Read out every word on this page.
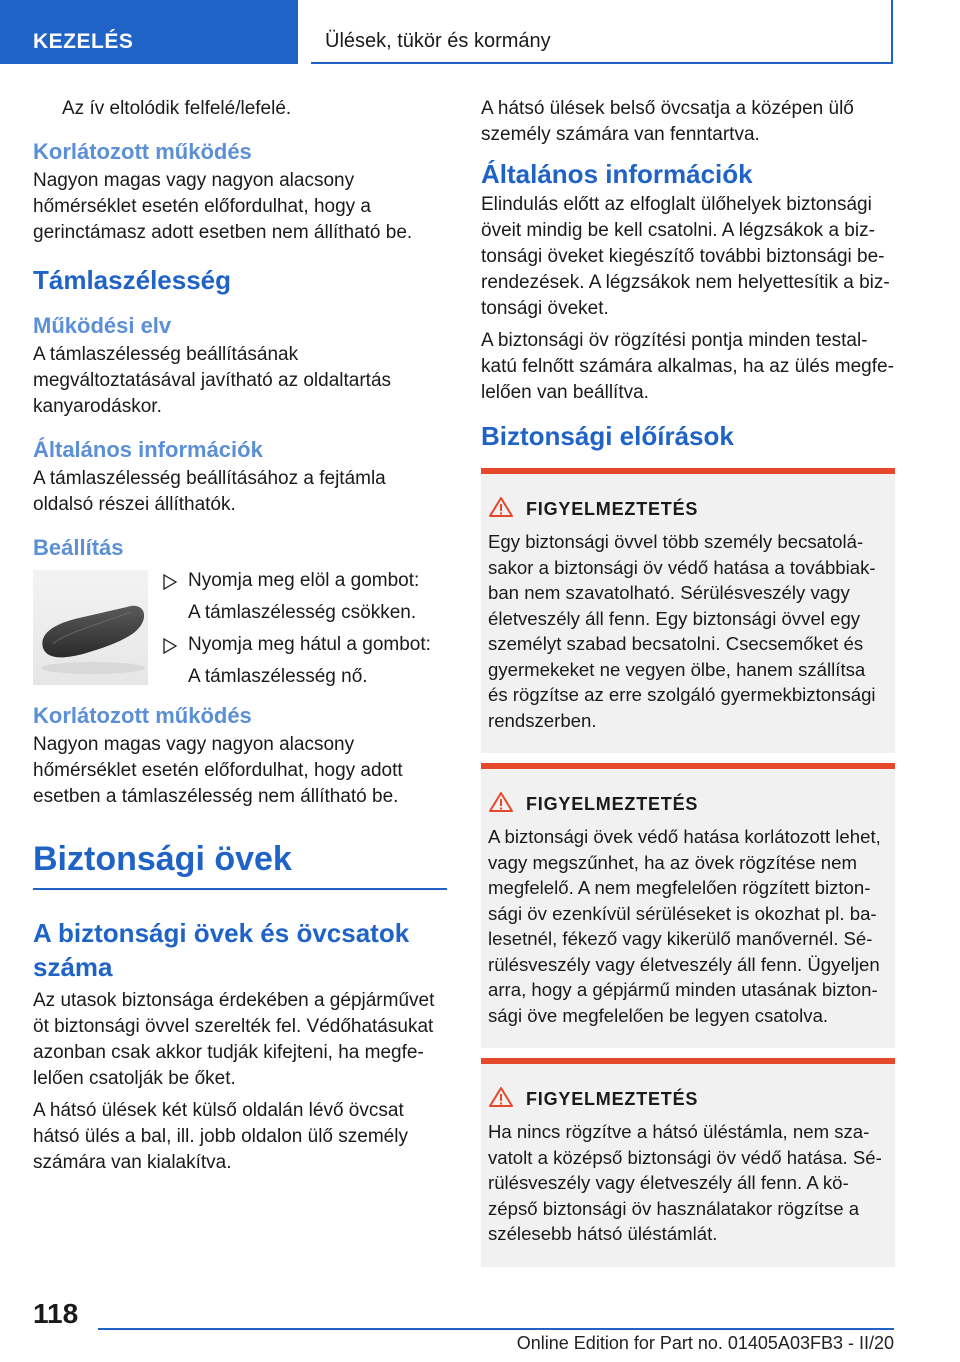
KEZELÉS	Ülések, tükör és kormány

Az ív eltolódik felfelé/lefelé.

Korlátozott működés

Nagyon magas vagy nagyon alacsony hőmérséklet esetén előfordulhat, hogy a gerinctámasz adott esetben nem állítható be.

Támlaszélesség
Működési elv

A támlaszélesség beállításának megváltoztatásával javítható az oldaltartás kanyarodáskor.

Általános információk

A támlaszélesség beállításához a fejtámla oldalsó részei állíthatók.

Beállítás
Nyomja meg elöl a gombot:

A támlaszélesség csökken.

Nyomja meg hátul a gombot:

A támlaszélesség nő.

Korlátozott működés

Nagyon magas vagy nagyon alacsony hőmérséklet esetén előfordulhat, hogy adott esetben a támlaszélesség nem állítható be.

Biztonsági övek
A biztonsági övek és övcsatok száma

Az utasok biztonsága érdekében a gépjárművet öt biztonsági övvel szerelték fel. Védőhatásukat azonban csak akkor tudják kifejteni, ha megfelelően csatolják be őket.

A hátsó ülések két külső oldalán lévő övcsat hátsó ülés a bal, ill. jobb oldalon ülő személy számára van kialakítva.

A hátsó ülések belső övcsatja a középen ülő személy számára van fenntartva.

Általános információk

Elindulás előtt az elfoglalt ülőhelyek biztonsági öveit mindig be kell csatolni. A légzsákok a biztonsági öveket kiegészítő további biztonsági berendezések. A légzsákok nem helyettesítik a biztonsági öveket.

A biztonsági öv rögzítési pontja minden testalkatú felnőtt számára alkalmas, ha az ülés megfelelően van beállítva.

Biztonsági előírások
FIGYELMEZTETÉS

Egy biztonsági övvel több személy becsatolásakor a biztonsági öv védő hatása a továbbiakban nem szavatolható. Sérülésveszély vagy életveszély áll fenn. Egy biztonsági övvel egy személyt szabad becsatolni. Csecsemőket és gyermekeket ne vegyen ölbe, hanem szállítsa és rögzítse az erre szolgáló gyermekbiztonsági rendszerben.

FIGYELMEZTETÉS

A biztonsági övek védő hatása korlátozott lehet, vagy megszűnhet, ha az övek rögzítése nem megfelelő. A nem megfelelően rögzített biztonsági öv ezenkívül sérüléseket is okozhat pl. balesetnél, fékező vagy kikerülő manővernél. Sérülésveszély vagy életveszély áll fenn. Ügyeljen arra, hogy a gépjármű minden utasának biztonsági öve megfelelően be legyen csatolva.

FIGYELMEZTETÉS

Ha nincs rögzítve a hátsó üléstámla, nem szavatolt a középső biztonsági öv védő hatása. Sérülésveszély vagy életveszély áll fenn. A középső biztonsági öv használatakor rögzítse a szélesebb hátsó üléstámlát.

118
Online Edition for Part no. 01405A03FB3 - II/20
